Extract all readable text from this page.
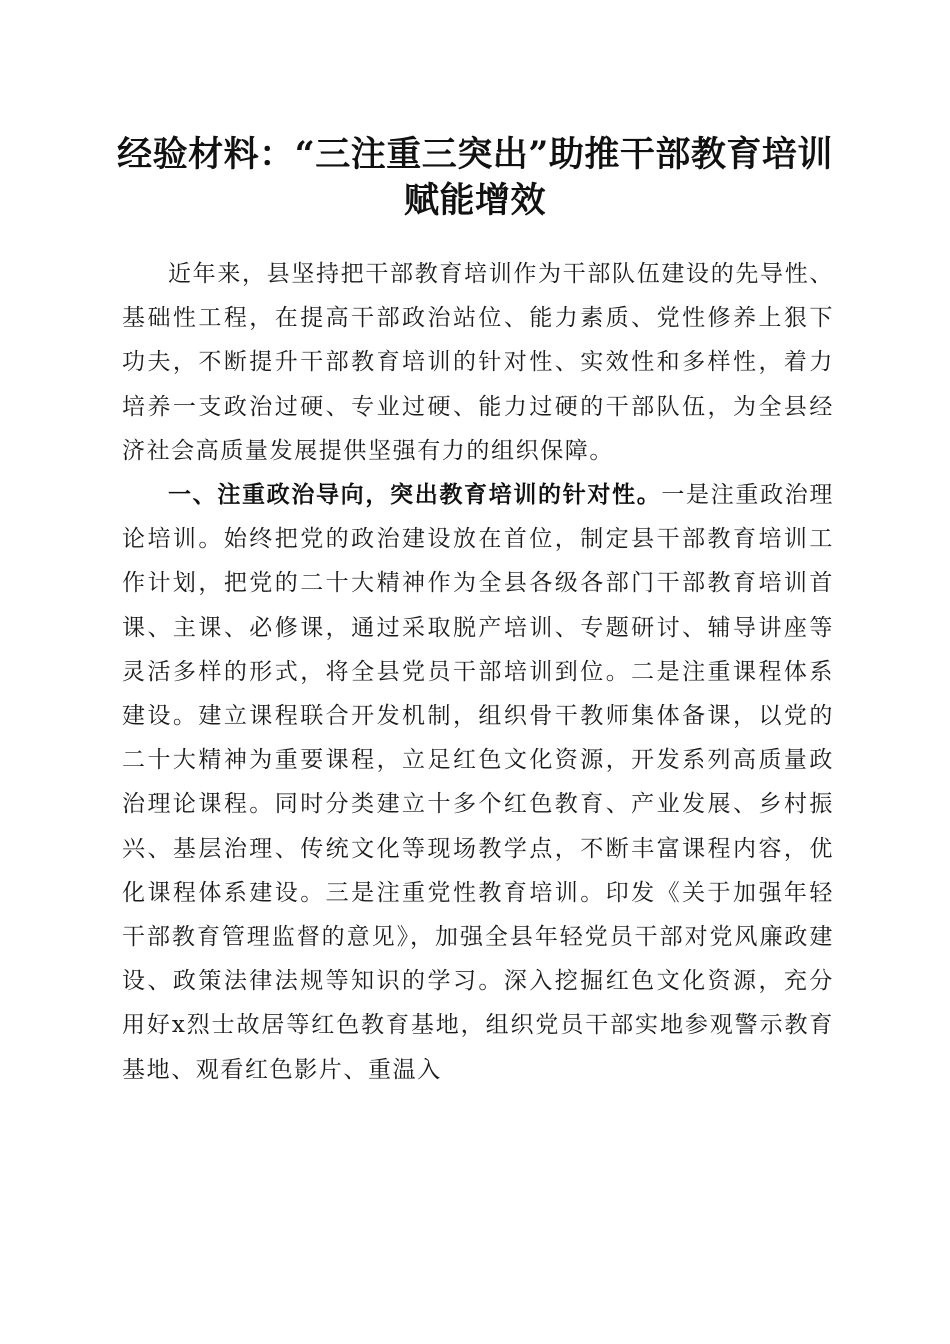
经验材料：“三注重三突出”助推干部教育培训赋能增效

近年来，县坚持把干部教育培训作为干部队伍建设的先导性、基础性工程，在提高干部政治站位、能力素质、党性修养上狠下功夫，不断提升干部教育培训的针对性、实效性和多样性，着力培养一支政治过硬、专业过硬、能力过硬的干部队伍，为全县经济社会高质量发展提供坚强有力的组织保障。

一、注重政治导向，突出教育培训的针对性。一是注重政治理论培训。始终把党的政治建设放在首位，制定县干部教育培训工作计划，把党的二十大精神作为全县各级各部门干部教育培训首课、主课、必修课，通过采取脱产培训、专题研讨、辅导讲座等灵活多样的形式，将全县党员干部培训到位。二是注重课程体系建设。建立课程联合开发机制，组织骨干教师集体备课，以党的二十大精神为重要课程，立足红色文化资源，开发系列高质量政治理论课程。同时分类建立十多个红色教育、产业发展、乡村振兴、基层治理、传统文化等现场教学点，不断丰富课程内容，优化课程体系建设。三是注重党性教育培训。印发《关于加强年轻干部教育管理监督的意见》，加强全县年轻党员干部对党风廉政建设、政策法律法规等知识的学习。深入挖掘红色文化资源，充分用好x烈士故居等红色教育基地，组织党员干部实地参观警示教育基地、观看红色影片、重温入
